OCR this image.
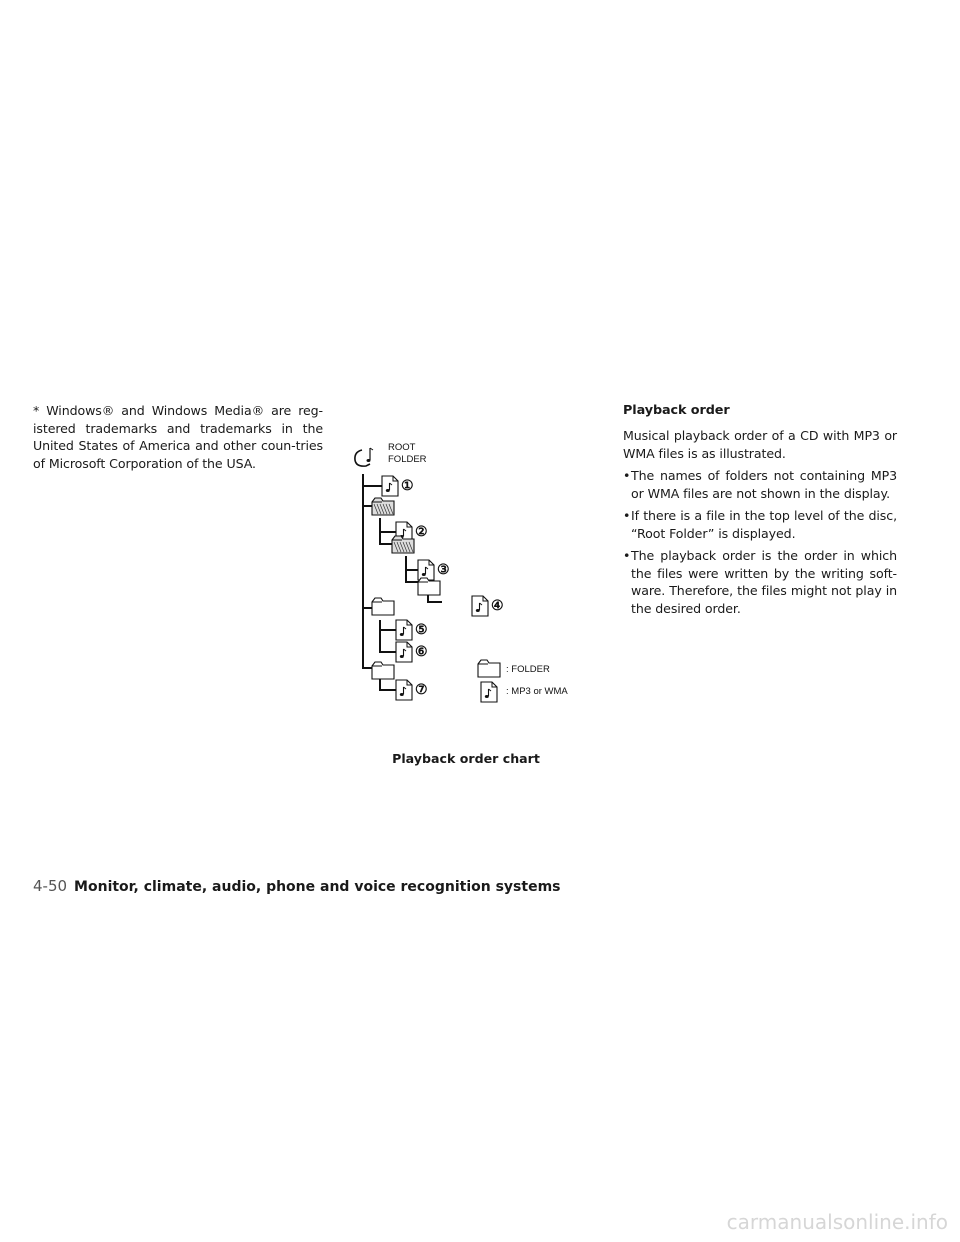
* Windows® and Windows Media® are reg-istered trademarks and trademarks in the United States of America and other coun-tries of Microsoft Corporation of the USA.

ROOT
FOLDER
①
②
③
④
⑤
⑥
⑦
: FOLDER
: MP3 or WMA
Playback order chart
Playback order

Musical playback order of a CD with MP3 or WMA files is as illustrated.

• The names of folders not containing MP3 or WMA files are not shown in the display.
• If there is a file in the top level of the disc, “Root Folder” is displayed.
• The playback order is the order in which the files were written by the writing soft-ware. Therefore, the files might not play in the desired order.
4-50 Monitor, climate, audio, phone and voice recognition systems
carmanualsonline.info
